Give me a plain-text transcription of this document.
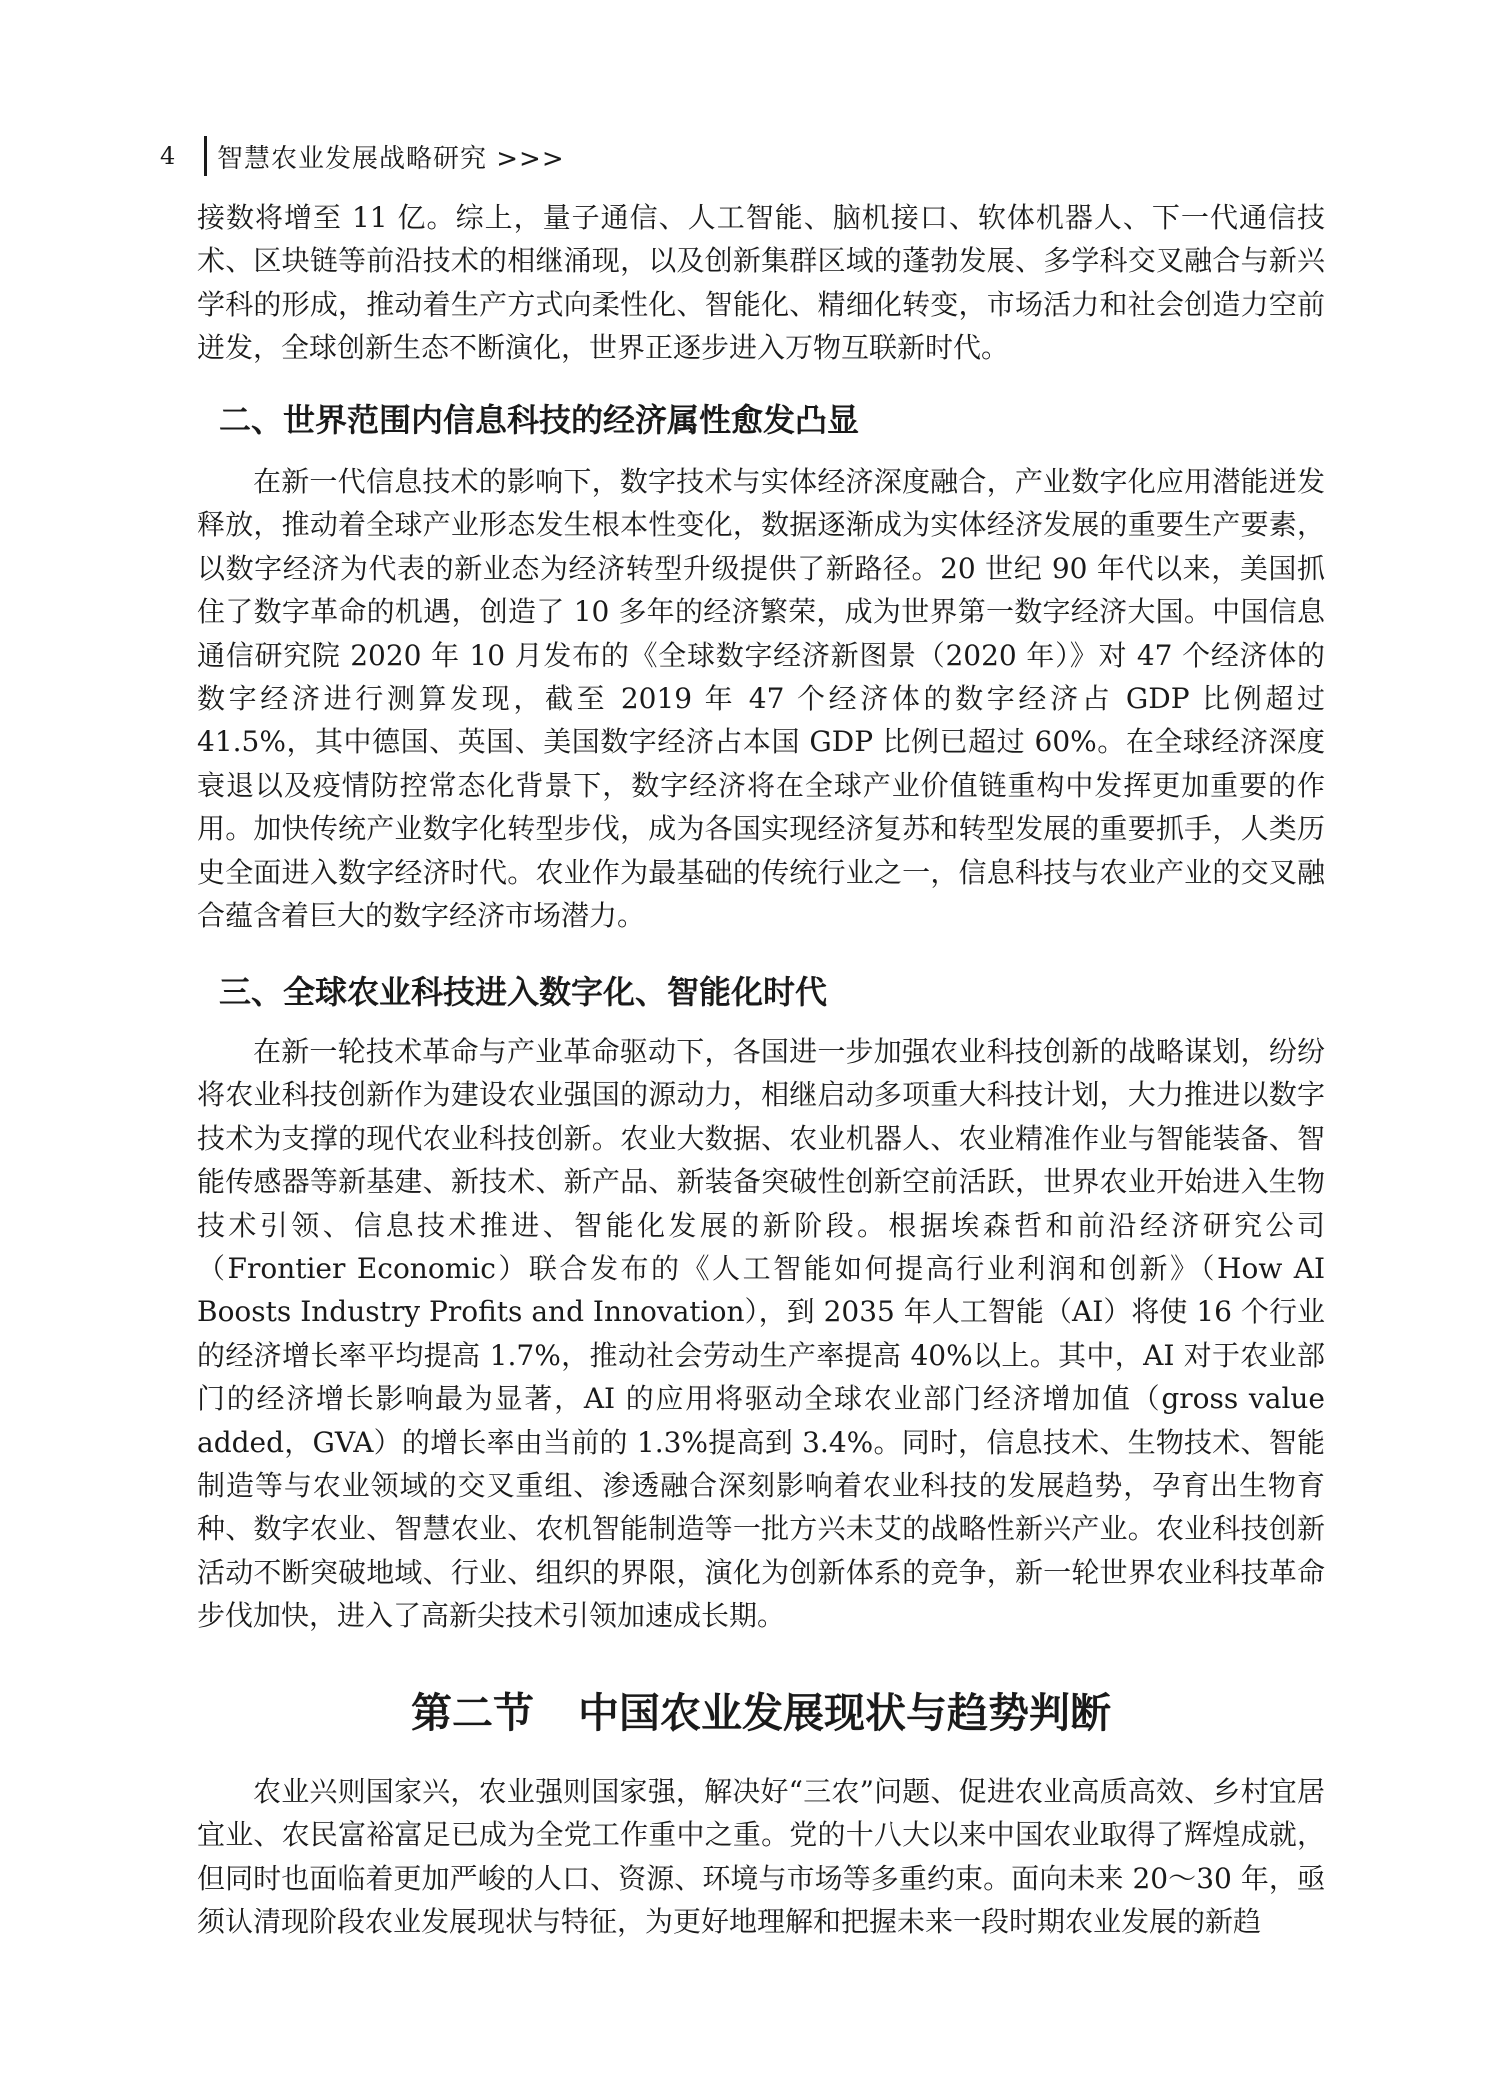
4	智慧农业发展战略研究 >>>

接数将增至 11 亿。综上，量子通信、人工智能、脑机接口、软体机器人、下一代通信技术、区块链等前沿技术的相继涌现，以及创新集群区域的蓬勃发展、多学科交叉融合与新兴学科的形成，推动着生产方式向柔性化、智能化、精细化转变，市场活力和社会创造力空前迸发，全球创新生态不断演化，世界正逐步进入万物互联新时代。

二、世界范围内信息科技的经济属性愈发凸显

在新一代信息技术的影响下，数字技术与实体经济深度融合，产业数字化应用潜能迸发释放，推动着全球产业形态发生根本性变化，数据逐渐成为实体经济发展的重要生产要素，以数字经济为代表的新业态为经济转型升级提供了新路径。20 世纪 90 年代以来，美国抓住了数字革命的机遇，创造了 10 多年的经济繁荣，成为世界第一数字经济大国。中国信息通信研究院 2020 年 10 月发布的《全球数字经济新图景（2020 年）》对 47 个经济体的数字经济进行测算发现，截至 2019 年 47 个经济体的数字经济占 GDP 比例超过 41.5%，其中德国、英国、美国数字经济占本国 GDP 比例已超过 60%。在全球经济深度衰退以及疫情防控常态化背景下，数字经济将在全球产业价值链重构中发挥更加重要的作用。加快传统产业数字化转型步伐，成为各国实现经济复苏和转型发展的重要抓手，人类历史全面进入数字经济时代。农业作为最基础的传统行业之一，信息科技与农业产业的交叉融合蕴含着巨大的数字经济市场潜力。

三、全球农业科技进入数字化、智能化时代

在新一轮技术革命与产业革命驱动下，各国进一步加强农业科技创新的战略谋划，纷纷将农业科技创新作为建设农业强国的源动力，相继启动多项重大科技计划，大力推进以数字技术为支撑的现代农业科技创新。农业大数据、农业机器人、农业精准作业与智能装备、智能传感器等新基建、新技术、新产品、新装备突破性创新空前活跃，世界农业开始进入生物技术引领、信息技术推进、智能化发展的新阶段。根据埃森哲和前沿经济研究公司（Frontier Economic）联合发布的《人工智能如何提高行业利润和创新》（How AI Boosts Industry Profits and Innovation），到 2035 年人工智能（AI）将使 16 个行业的经济增长率平均提高 1.7%，推动社会劳动生产率提高 40%以上。其中，AI 对于农业部门的经济增长影响最为显著，AI 的应用将驱动全球农业部门经济增加值（gross value added，GVA）的增长率由当前的 1.3%提高到 3.4%。同时，信息技术、生物技术、智能制造等与农业领域的交叉重组、渗透融合深刻影响着农业科技的发展趋势，孕育出生物育种、数字农业、智慧农业、农机智能制造等一批方兴未艾的战略性新兴产业。农业科技创新活动不断突破地域、行业、组织的界限，演化为创新体系的竞争，新一轮世界农业科技革命步伐加快，进入了高新尖技术引领加速成长期。

第二节 中国农业发展现状与趋势判断

农业兴则国家兴，农业强则国家强，解决好“三农”问题、促进农业高质高效、乡村宜居宜业、农民富裕富足已成为全党工作重中之重。党的十八大以来中国农业取得了辉煌成就，但同时也面临着更加严峻的人口、资源、环境与市场等多重约束。面向未来 20～30 年，亟须认清现阶段农业发展现状与特征，为更好地理解和把握未来一段时期农业发展的新趋
